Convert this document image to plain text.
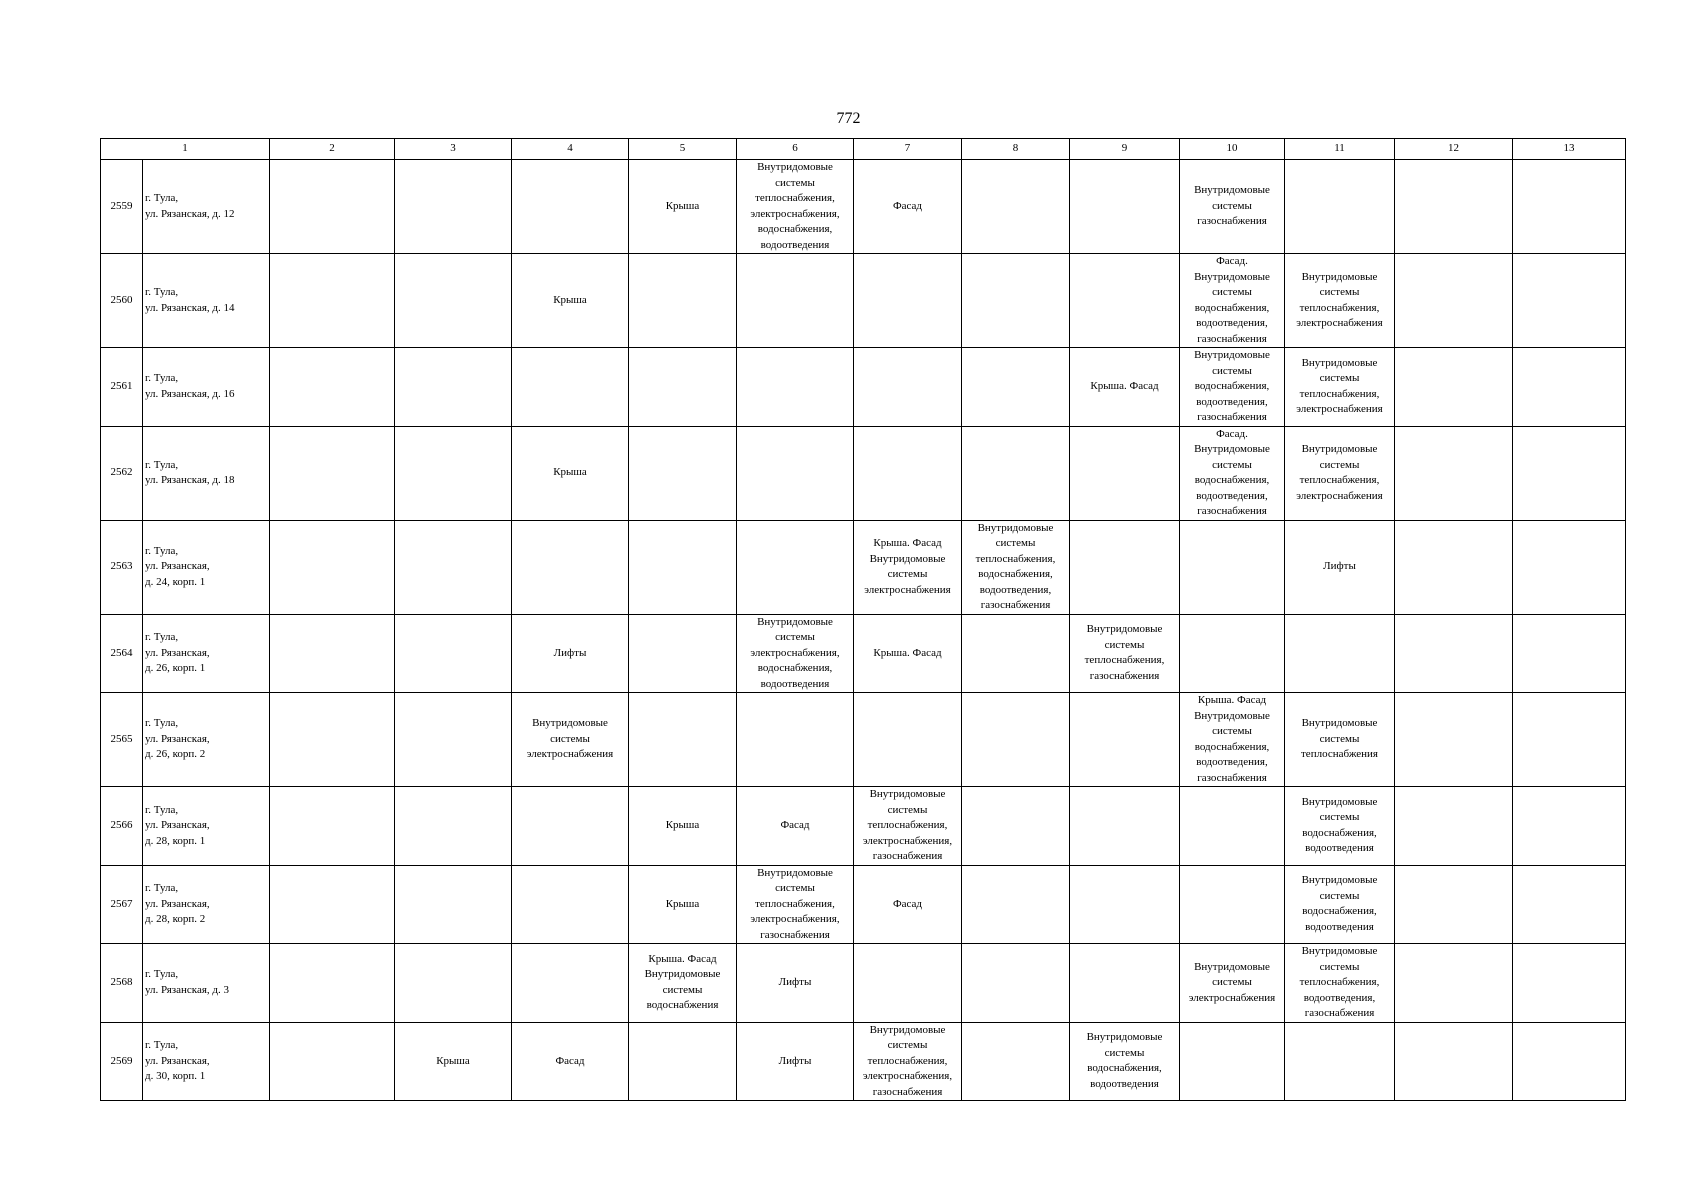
772
1		2	3	4	5	6	7	8	9	10	11	12	13
2559	г. Тула,
ул. Рязанская, д. 12				Крыша	Внутридомовые системы теплоснабжения, электроснабжения, водоснабжения, водоотведения	Фасад			Внутридомовые системы газоснабжения			
2560	г. Тула,
ул. Рязанская, д. 14			Крыша						Фасад. Внутридомовые системы водоснабжения, водоотведения, газоснабжения	Внутридомовые системы теплоснабжения, электроснабжения		
2561	г. Тула,
ул. Рязанская, д. 16								Крыша. Фасад	Внутридомовые системы водоснабжения, водоотведения, газоснабжения	Внутридомовые системы теплоснабжения, электроснабжения		
2562	г. Тула,
ул. Рязанская, д. 18			Крыша						Фасад. Внутридомовые системы водоснабжения, водоотведения, газоснабжения	Внутридомовые системы теплоснабжения, электроснабжения		
2563	г. Тула,
ул. Рязанская,
д. 24, корп. 1						Крыша. Фасад Внутридомовые системы электроснабжения	Внутридомовые системы теплоснабжения, водоснабжения, водоотведения, газоснабжения			Лифты		
2564	г. Тула,
ул. Рязанская,
д. 26, корп. 1			Лифты		Внутридомовые системы электроснабжения, водоснабжения, водоотведения	Крыша. Фасад		Внутридомовые системы теплоснабжения, газоснабжения				
2565	г. Тула,
ул. Рязанская,
д. 26, корп. 2			Внутридомовые системы электроснабжения						Крыша. Фасад Внутридомовые системы водоснабжения, водоотведения, газоснабжения	Внутридомовые системы теплоснабжения		
2566	г. Тула,
ул. Рязанская,
д. 28, корп. 1				Крыша	Фасад	Внутридомовые системы теплоснабжения, электроснабжения, газоснабжения				Внутридомовые системы водоснабжения, водоотведения		
2567	г. Тула,
ул. Рязанская,
д. 28, корп. 2				Крыша	Внутридомовые системы теплоснабжения, электроснабжения, газоснабжения	Фасад				Внутридомовые системы водоснабжения, водоотведения		
2568	г. Тула,
ул. Рязанская, д. 3				Крыша. Фасад Внутридомовые системы водоснабжения	Лифты				Внутридомовые системы электроснабжения	Внутридомовые системы теплоснабжения, водоотведения, газоснабжения		
2569	г. Тула,
ул. Рязанская,
д. 30, корп. 1		Крыша	Фасад		Лифты	Внутридомовые системы теплоснабжения, электроснабжения, газоснабжения		Внутридомовые системы водоснабжения, водоотведения				
